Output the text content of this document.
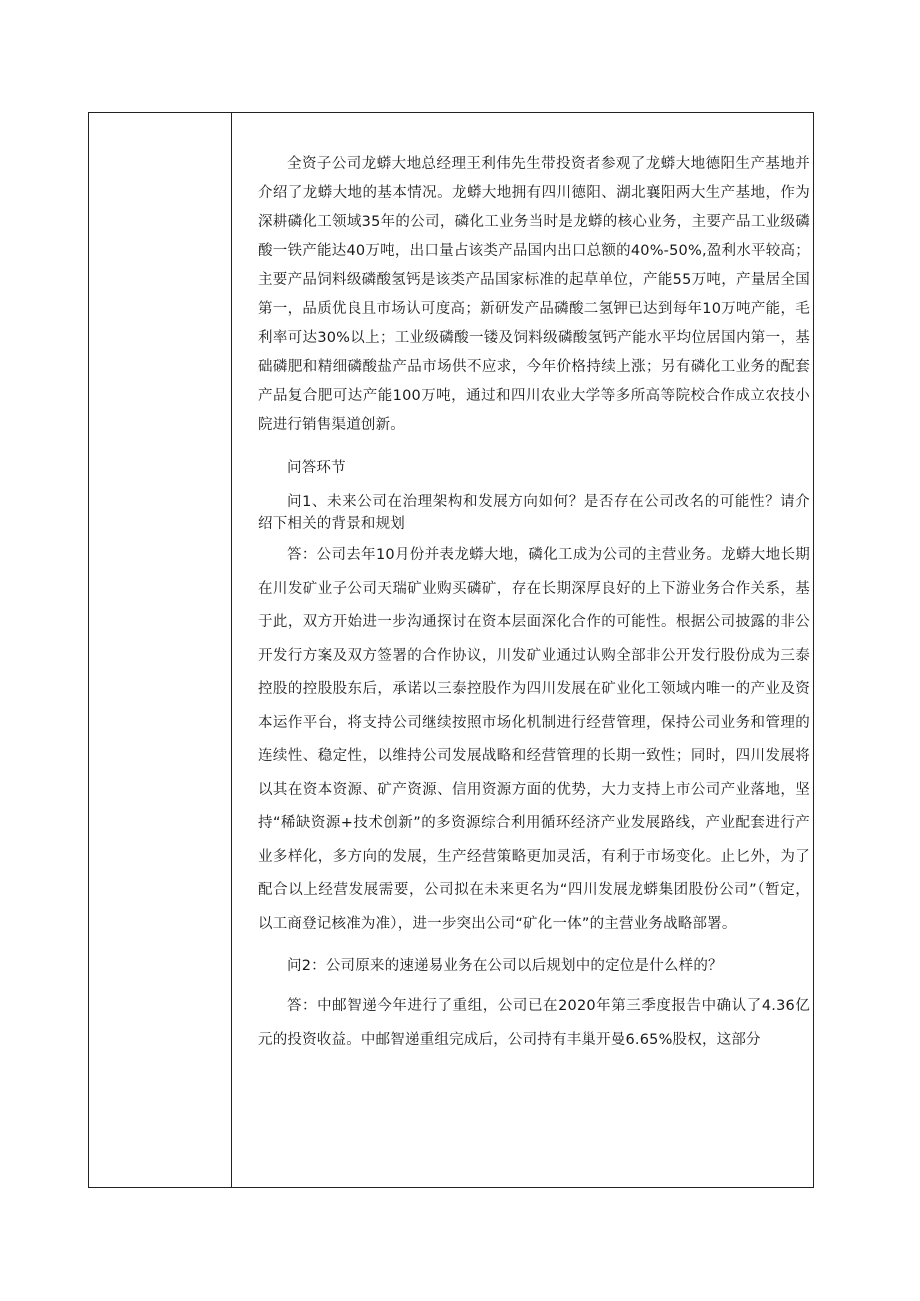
全资子公司龙蟒大地总经理王利伟先生带投资者参观了龙蟒大地德阳生产基地并介绍了龙蟒大地的基本情况。龙蟒大地拥有四川德阳、湖北襄阳两大生产基地，作为深耕磷化工领域35年的公司，磷化工业务当时是龙蟒的核心业务，主要产品工业级磷酸一铁产能达40万吨，出口量占该类产品国内出口总额的40%-50%,盈利水平较高；主要产品饲料级磷酸氢钙是该类产品国家标准的起草单位，产能55万吨，产量居全国第一，品质优良且市场认可度高；新研发产品磷酸二氢钾已达到每年10万吨产能，毛利率可达30%以上；工业级磷酸一镂及饲料级磷酸氢钙产能水平均位居国内第一，基础磷肥和精细磷酸盐产品市场供不应求，今年价格持续上涨；另有磷化工业务的配套产品复合肥可达产能100万吨，通过和四川农业大学等多所高等院校合作成立农技小院进行销售渠道创新。

问答环节

问1、未来公司在治理架构和发展方向如何？是否存在公司改名的可能性？请介绍下相关的背景和规划

答：公司去年10月份并表龙蟒大地，磷化工成为公司的主营业务。龙蟒大地长期在川发矿业子公司天瑞矿业购买磷矿，存在长期深厚良好的上下游业务合作关系，基于此，双方开始进一步沟通探讨在资本层面深化合作的可能性。根据公司披露的非公开发行方案及双方签署的合作协议，川发矿业通过认购全部非公开发行股份成为三泰控股的控股股东后，承诺以三泰控股作为四川发展在矿业化工领域内唯一的产业及资本运作平台，将支持公司继续按照市场化机制进行经营管理，保持公司业务和管理的连续性、稳定性，以维持公司发展战略和经营管理的长期一致性；同时，四川发展将以其在资本资源、矿产资源、信用资源方面的优势，大力支持上市公司产业落地，坚持“稀缺资源+技术创新”的多资源综合利用循环经济产业发展路线，产业配套进行产业多样化，多方向的发展，生产经营策略更加灵活，有利于市场变化。止匕外，为了配合以上经营发展需要，公司拟在未来更名为“四川发展龙蟒集团股份公司”（暂定，以工商登记核准为准），进一步突出公司“矿化一体”的主营业务战略部署。

问2：公司原来的速递易业务在公司以后规划中的定位是什么样的？

答：中邮智递今年进行了重组，公司已在2020年第三季度报告中确认了4.36亿元的投资收益。中邮智递重组完成后，公司持有丰巢开曼6.65%股权，这部分
